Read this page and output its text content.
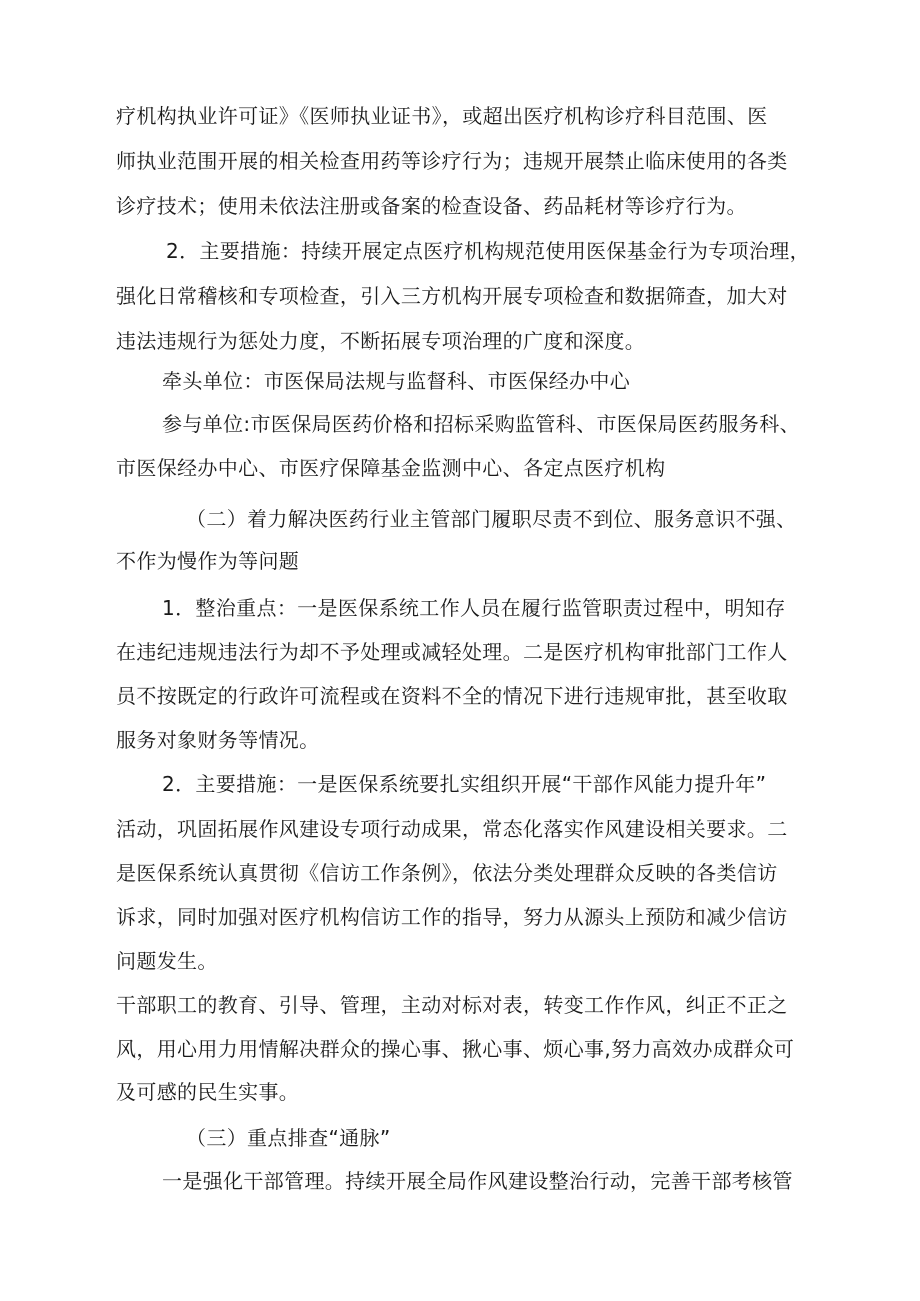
疗机构执业许可证》《医师执业证书》，或超出医疗机构诊疗科目范围、医
师执业范围开展的相关检查用药等诊疗行为；违规开展禁止临床使用的各类
诊疗技术；使用未依法注册或备案的检查设备、药品耗材等诊疗行为。
2．主要措施：持续开展定点医疗机构规范使用医保基金行为专项治理，
强化日常稽核和专项检查，引入三方机构开展专项检查和数据筛查，加大对
违法违规行为惩处力度，不断拓展专项治理的广度和深度。
牵头单位：市医保局法规与监督科、市医保经办中心
参与单位:市医保局医药价格和招标采购监管科、市医保局医药服务科、
市医保经办中心、市医疗保障基金监测中心、各定点医疗机构
（二）着力解决医药行业主管部门履职尽责不到位、服务意识不强、
不作为慢作为等问题
1．整治重点：一是医保系统工作人员在履行监管职责过程中，明知存
在违纪违规违法行为却不予处理或减轻处理。二是医疗机构审批部门工作人
员不按既定的行政许可流程或在资料不全的情况下进行违规审批，甚至收取
服务对象财务等情况。
2．主要措施：一是医保系统要扎实组织开展“干部作风能力提升年”
活动，巩固拓展作风建设专项行动成果，常态化落实作风建设相关要求。二
是医保系统认真贯彻《信访工作条例》，依法分类处理群众反映的各类信访
诉求，同时加强对医疗机构信访工作的指导，努力从源头上预防和减少信访
问题发生。
干部职工的教育、引导、管理，主动对标对表，转变工作作风，纠正不正之
风，用心用力用情解决群众的操心事、揪心事、烦心事,努力高效办成群众可
及可感的民生实事。
（三）重点排查“通脉”
一是强化干部管理。持续开展全局作风建设整治行动，完善干部考核管
